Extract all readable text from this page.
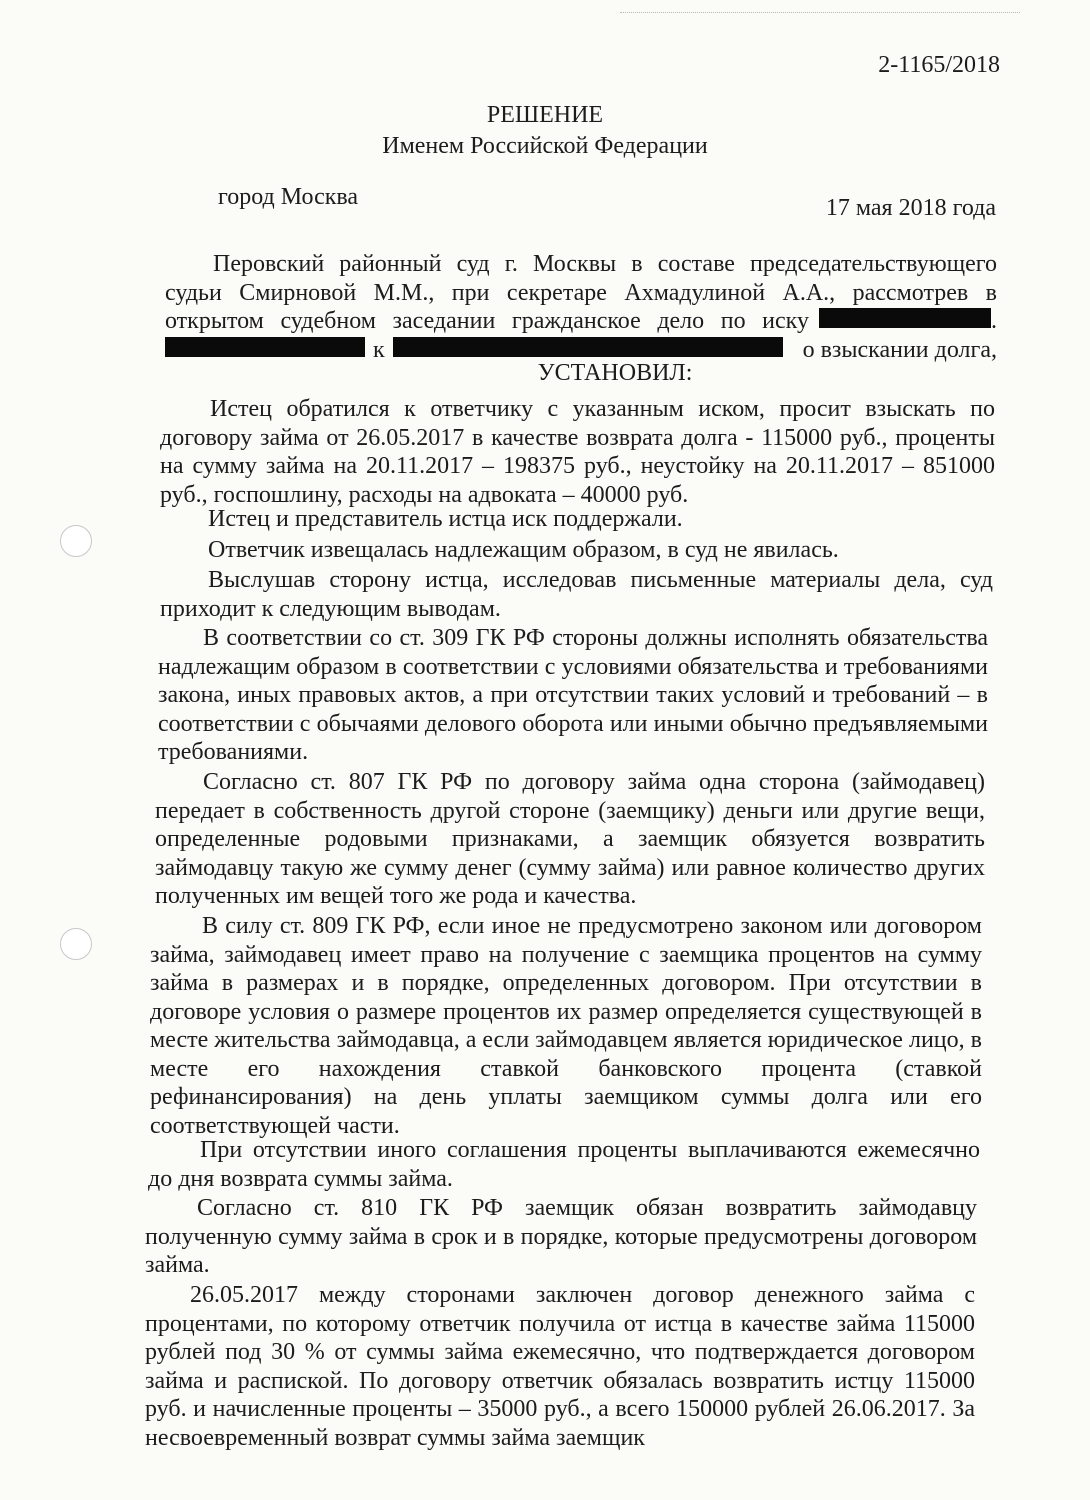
2-1165/2018
РЕШЕНИЕ
Именем Российской Федерации
город Москва	17 мая 2018 года
Перовский районный суд г. Москвы в составе председательствующего
судьи Смирновой М.М., при секретаре Ахмадулиной А.А., рассмотрев в
открытом судебном заседании гражданское дело по иску	.
к	о взыскании долга,
УСТАНОВИЛ:

Истец обратился к ответчику с указанным иском, просит взыскать по договору займа от 26.05.2017 в качестве возврата долга - 115000 руб., проценты на сумму займа на 20.11.2017 – 198375 руб., неустойку на 20.11.2017 – 851000 руб., госпошлину, расходы на адвоката – 40000 руб.

Истец и представитель истца иск поддержали.

Ответчик извещалась надлежащим образом, в суд не явилась.

Выслушав сторону истца, исследовав письменные материалы дела, суд приходит к следующим выводам.

В соответствии со ст. 309 ГК РФ стороны должны исполнять обязательства надлежащим образом в соответствии с условиями обязательства и требованиями закона, иных правовых актов, а при отсутствии таких условий и требований – в соответствии с обычаями делового оборота или иными обычно предъявляемыми требованиями.

Согласно ст. 807 ГК РФ по договору займа одна сторона (займодавец) передает в собственность другой стороне (заемщику) деньги или другие вещи, определенные родовыми признаками, а заемщик обязуется возвратить займодавцу такую же сумму денег (сумму займа) или равное количество других полученных им вещей того же рода и качества.

В силу ст. 809 ГК РФ, если иное не предусмотрено законом или договором займа, займодавец имеет право на получение с заемщика процентов на сумму займа в размерах и в порядке, определенных договором. При отсутствии в договоре условия о размере процентов их размер определяется существующей в месте жительства займодавца, а если займодавцем является юридическое лицо, в месте его нахождения ставкой банковского процента (ставкой рефинансирования) на день уплаты заемщиком суммы долга или его соответствующей части.

При отсутствии иного соглашения проценты выплачиваются ежемесячно до дня возврата суммы займа.

Согласно ст. 810 ГК РФ заемщик обязан возвратить займодавцу полученную сумму займа в срок и в порядке, которые предусмотрены договором займа.

26.05.2017 между сторонами заключен договор денежного займа с процентами, по которому ответчик получила от истца в качестве займа 115000 рублей под 30 % от суммы займа ежемесячно, что подтверждается договором займа и распиской. По договору ответчик обязалась возвратить истцу 115000 руб. и начисленные проценты – 35000 руб., а всего 150000 рублей 26.06.2017. За несвоевременный возврат суммы займа заемщик
